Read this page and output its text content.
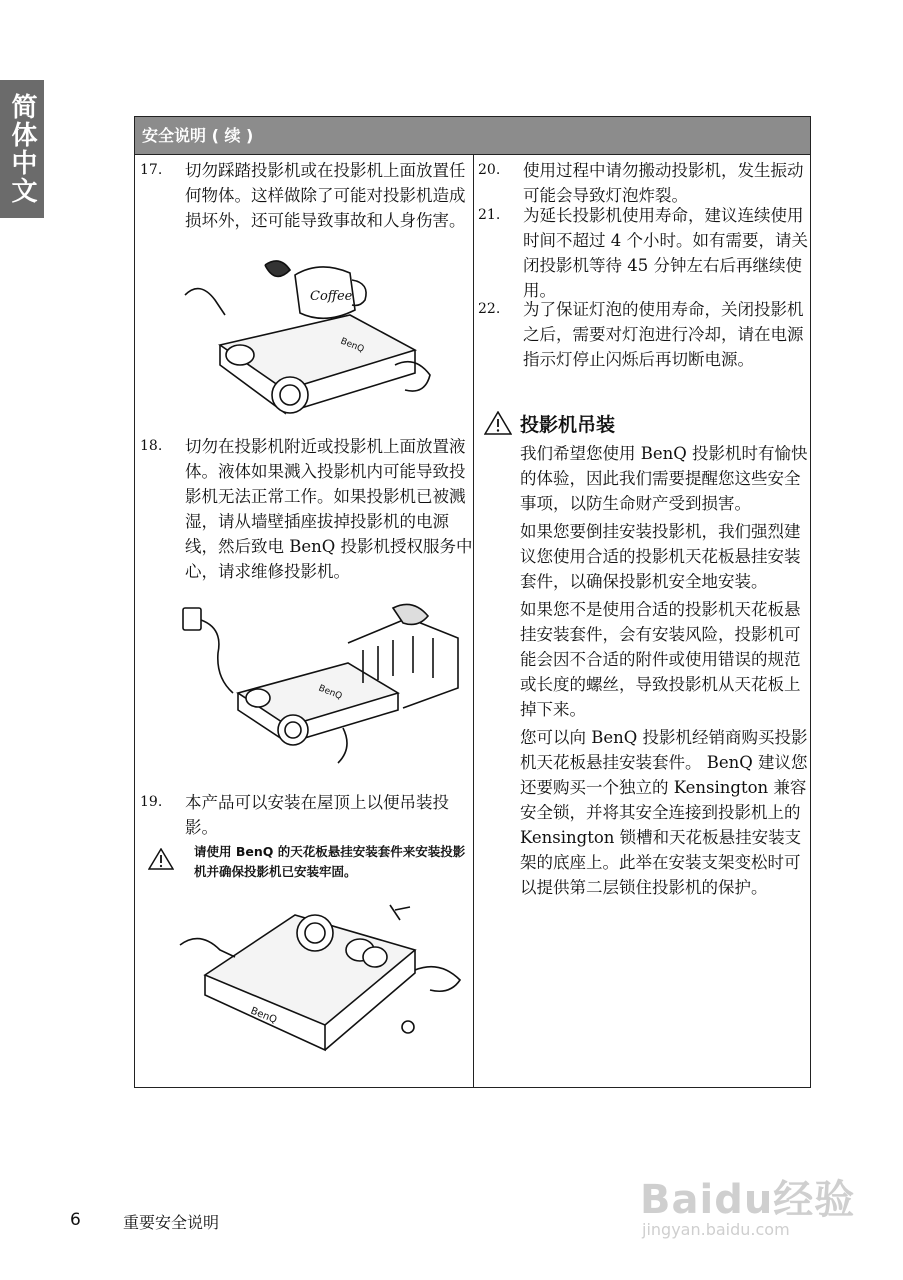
简体中文	安全说明 ( 续 )
17. 切勿踩踏投影机或在投影机上面放置任何物体。这样做除了可能对投影机造成损坏外，还可能导致事故和人身伤害。
Coffee
BenQ
18. 切勿在投影机附近或投影机上面放置液体。液体如果溅入投影机内可能导致投影机无法正常工作。如果投影机已被溅湿，请从墙壁插座拔掉投影机的电源线，然后致电 BenQ 投影机授权服务中心，请求维修投影机。
BenQ
19. 本产品可以安装在屋顶上以便吊装投影。
请使用 BenQ 的天花板悬挂安装套件来安装投影机并确保投影机已安装牢固。
BenQ
20. 使用过程中请勿搬动投影机，发生振动可能会导致灯泡炸裂。
21. 为延长投影机使用寿命，建议连续使用时间不超过 4 个小时。如有需要，请关闭投影机等待 45 分钟左右后再继续使用。
22. 为了保证灯泡的使用寿命，关闭投影机之后，需要对灯泡进行冷却，请在电源指示灯停止闪烁后再切断电源。
投影机吊装

我们希望您使用 BenQ 投影机时有愉快的体验，因此我们需要提醒您这些安全事项，以防生命财产受到损害。

如果您要倒挂安装投影机，我们强烈建议您使用合适的投影机天花板悬挂安装套件，以确保投影机安全地安装。

如果您不是使用合适的投影机天花板悬挂安装套件，会有安装风险，投影机可能会因不合适的附件或使用错误的规范或长度的螺丝，导致投影机从天花板上掉下来。

您可以向 BenQ 投影机经销商购买投影机天花板悬挂安装套件。 BenQ 建议您还要购买一个独立的 Kensington 兼容安全锁，并将其安全连接到投影机上的 Kensington 锁槽和天花板悬挂安装支架的底座上。此举在安装支架变松时可以提供第二层锁住投影机的保护。

6	重要安全说明	Baidu经验
jingyan.baidu.com
